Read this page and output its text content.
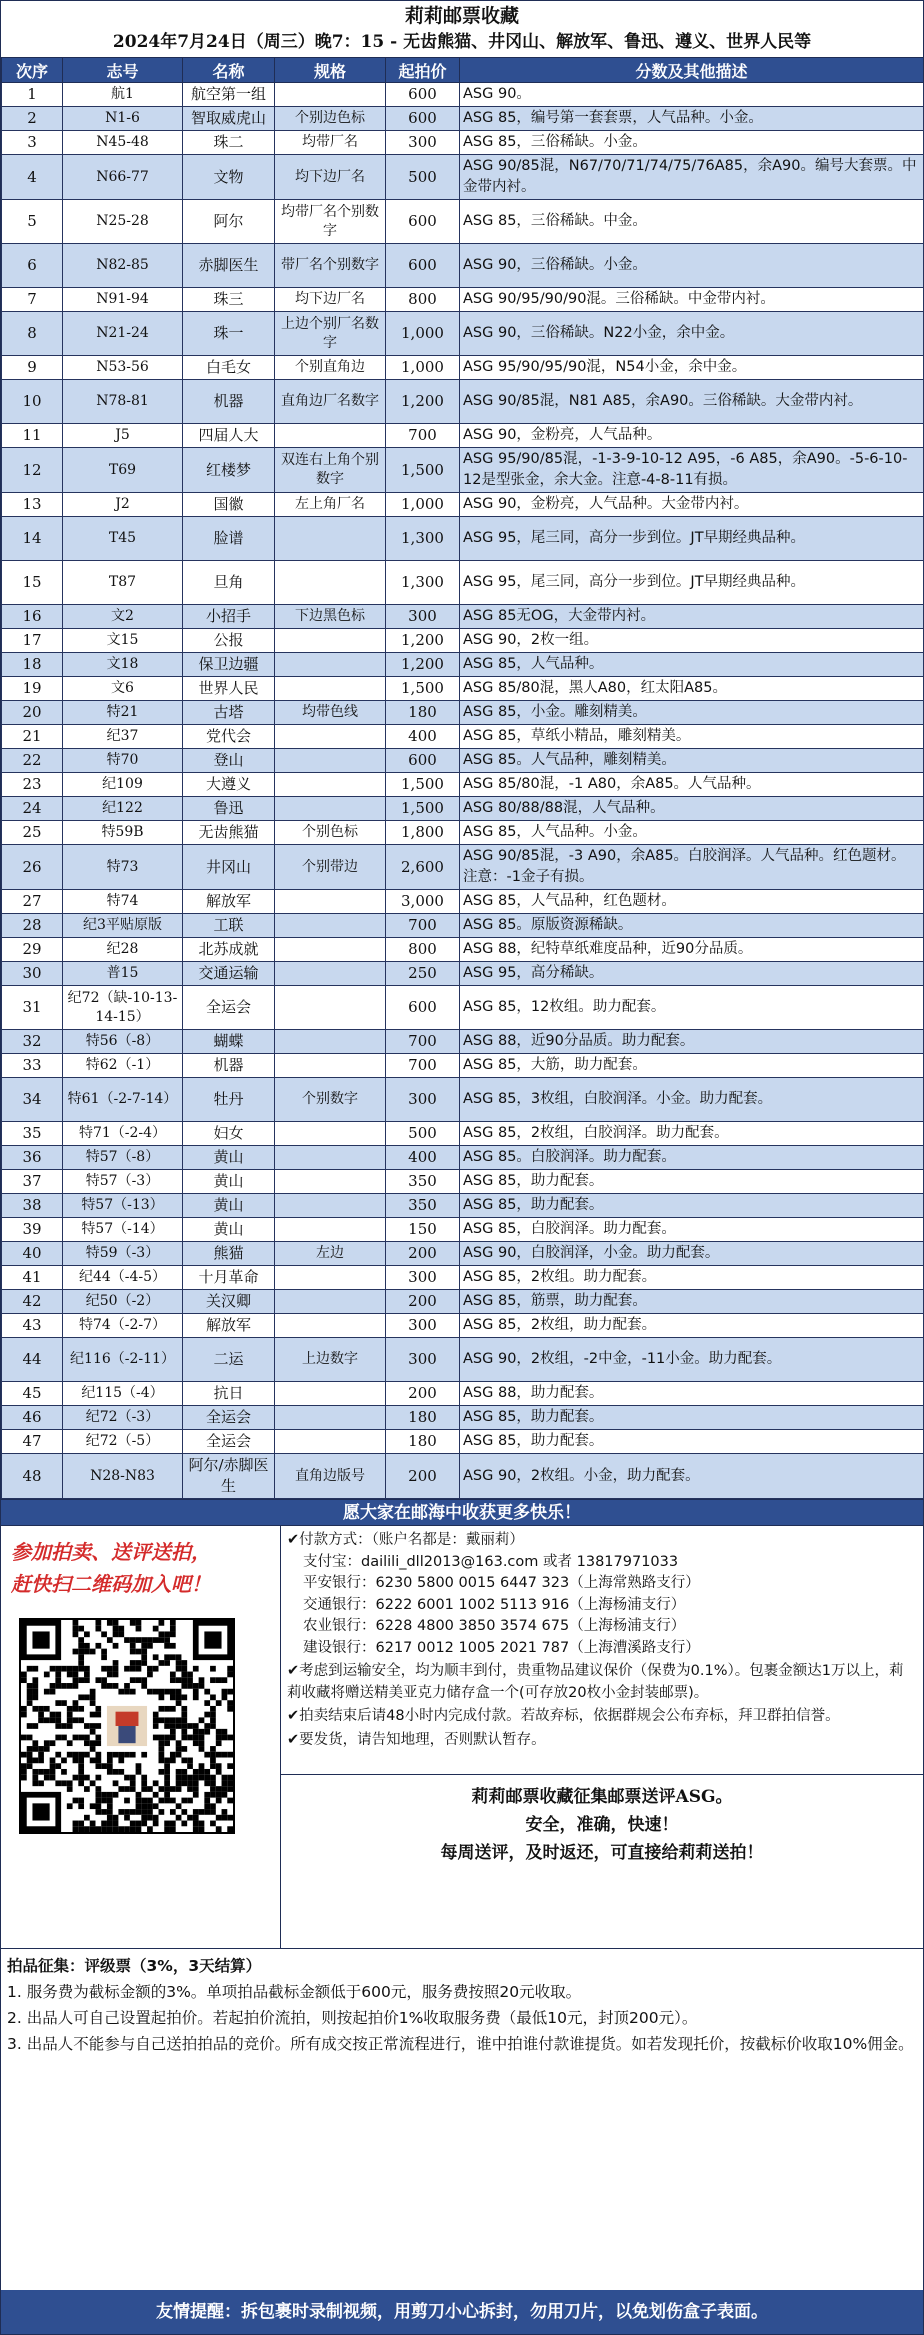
莉莉邮票收藏
2024年7月24日（周三）晚7：15 - 无齿熊猫、井冈山、解放军、鲁迅、遵义、世界人民等
次序	志号	名称	规格	起拍价	分数及其他描述
1	航1	航空第一组		600	ASG 90。
2	N1-6	智取威虎山	个别边色标	600	ASG 85，编号第一套套票，人气品种。小金。
3	N45-48	珠二	均带厂名	300	ASG 85，三俗稀缺。小金。
4	N66-77	文物	均下边厂名	500	ASG 90/85混，N67/70/71/74/75/76A85，余A90。编号大套票。中金带内衬。
5	N25-28	阿尔	均带厂名个别数字	600	ASG 85，三俗稀缺。中金。
6	N82-85	赤脚医生	带厂名个别数字	600	ASG 90，三俗稀缺。小金。
7	N91-94	珠三	均下边厂名	800	ASG 90/95/90/90混。三俗稀缺。中金带内衬。
8	N21-24	珠一	上边个别厂名数字	1,000	ASG 90，三俗稀缺。N22小金，余中金。
9	N53-56	白毛女	个别直角边	1,000	ASG 95/90/95/90混，N54小金，余中金。
10	N78-81	机器	直角边厂名数字	1,200	ASG 90/85混，N81 A85，余A90。三俗稀缺。大金带内衬。
11	J5	四届人大		700	ASG 90，金粉亮，人气品种。
12	T69	红楼梦	双连右上角个别数字	1,500	ASG 95/90/85混，-1-3-9-10-12 A95，-6 A85，余A90。-5-6-10-12是型张金，余大金。注意-4-8-11有损。
13	J2	国徽	左上角厂名	1,000	ASG 90，金粉亮，人气品种。大金带内衬。
14	T45	脸谱		1,300	ASG 95，尾三同，高分一步到位。JT早期经典品种。
15	T87	旦角		1,300	ASG 95，尾三同，高分一步到位。JT早期经典品种。
16	文2	小招手	下边黑色标	300	ASG 85无OG，大金带内衬。
17	文15	公报		1,200	ASG 90，2枚一组。
18	文18	保卫边疆		1,200	ASG 85，人气品种。
19	文6	世界人民		1,500	ASG 85/80混，黑人A80，红太阳A85。
20	特21	古塔	均带色线	180	ASG 85，小金。雕刻精美。
21	纪37	党代会		400	ASG 85，草纸小精品，雕刻精美。
22	特70	登山		600	ASG 85。人气品种，雕刻精美。
23	纪109	大遵义		1,500	ASG 85/80混，-1 A80，余A85。人气品种。
24	纪122	鲁迅		1,500	ASG 80/88/88混，人气品种。
25	特59B	无齿熊猫	个别色标	1,800	ASG 85，人气品种。小金。
26	特73	井冈山	个别带边	2,600	ASG 90/85混，-3 A90，余A85。白胶润泽。人气品种。红色题材。注意：-1金子有损。
27	特74	解放军		3,000	ASG 85，人气品种，红色题材。
28	纪3平贴原版	工联		700	ASG 85。原版资源稀缺。
29	纪28	北苏成就		800	ASG 88，纪特草纸难度品种，近90分品质。
30	普15	交通运输		250	ASG 95，高分稀缺。
31	纪72（缺-10-13-14-15）	全运会		600	ASG 85，12枚组。助力配套。
32	特56（-8）	蝴蝶		700	ASG 88，近90分品质。助力配套。
33	特62（-1）	机器		700	ASG 85，大筋，助力配套。
34	特61（-2-7-14）	牡丹	个别数字	300	ASG 85，3枚组，白胶润泽。小金。助力配套。
35	特71（-2-4）	妇女		500	ASG 85，2枚组，白胶润泽。助力配套。
36	特57（-8）	黄山		400	ASG 85。白胶润泽。助力配套。
37	特57（-3）	黄山		350	ASG 85，助力配套。
38	特57（-13）	黄山		350	ASG 85，助力配套。
39	特57（-14）	黄山		150	ASG 85，白胶润泽。助力配套。
40	特59（-3）	熊猫	左边	200	ASG 90，白胶润泽，小金。助力配套。
41	纪44（-4-5）	十月革命		300	ASG 85，2枚组。助力配套。
42	纪50（-2）	关汉卿		200	ASG 85，筋票，助力配套。
43	特74（-2-7）	解放军		300	ASG 85，2枚组，助力配套。
44	纪116（-2-11）	二运	上边数字	300	ASG 90，2枚组，-2中金，-11小金。助力配套。
45	纪115（-4）	抗日		200	ASG 88，助力配套。
46	纪72（-3）	全运会		180	ASG 85，助力配套。
47	纪72（-5）	全运会		180	ASG 85，助力配套。
48	N28-N83	阿尔/赤脚医生	直角边版号	200	ASG 90，2枚组。小金，助力配套。
愿大家在邮海中收获更多快乐！
参加拍卖、送评送拍，
赶快扫二维码加入吧！
✔付款方式：（账户名都是：戴丽莉）
支付宝：dailili_dll2013@163.com 或者 13817971033
平安银行：6230 5800 0015 6447 323（上海常熟路支行）
交通银行：6222 6001 1002 5113 916（上海杨浦支行）
农业银行：6228 4800 3850 3574 675（上海杨浦支行）
建设银行：6217 0012 1005 2021 787（上海漕溪路支行）
✔考虑到运输安全，均为顺丰到付，贵重物品建议保价（保费为0.1%）。包裹金额达1万以上，莉莉收藏将赠送精美亚克力储存盒一个(可存放20枚小金封装邮票)。
✔拍卖结束后请48小时内完成付款。若故弃标，依据群规会公布弃标，拜卫群拍信誉。
✔要发货，请告知地理，否则默认暂存。
莉莉邮票收藏征集邮票送评ASG。
安全，准确，快速！
每周送评，及时返还，可直接给莉莉送拍！
拍品征集：评级票（3%，3天结算）
1. 服务费为截标金额的3%。单项拍品截标金额低于600元，服务费按照20元收取。
2. 出品人可自己设置起拍价。若起拍价流拍，则按起拍价1%收取服务费（最低10元，封顶200元）。
3. 出品人不能参与自己送拍拍品的竞价。所有成交按正常流程进行，谁中拍谁付款谁提货。如若发现托价，按截标价收取10%佣金。
友情提醒：拆包裹时录制视频，用剪刀小心拆封，勿用刀片，以免划伤盒子表面。
